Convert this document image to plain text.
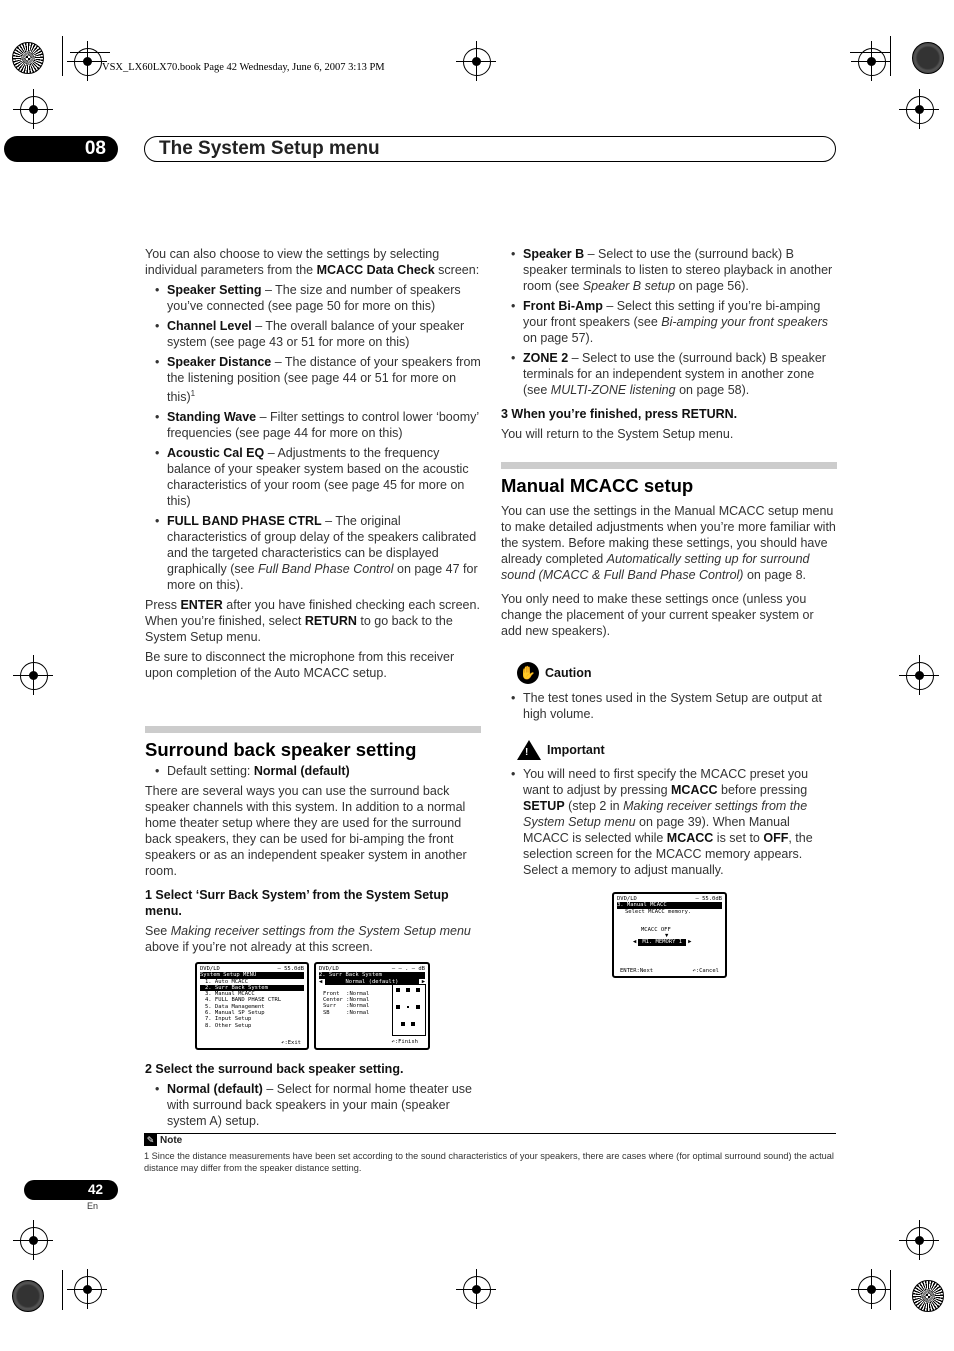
VSX_LX60LX70.book Page 42 Wednesday, June 6, 2007 3:13 PM
08	The System Setup menu

You can also choose to view the settings by selecting individual parameters from the MCACC Data Check screen:

• Speaker Setting – The size and number of speakers you’ve connected (see page 50 for more on this)
• Channel Level – The overall balance of your speaker system (see page 43 or 51 for more on this)
• Speaker Distance – The distance of your speakers from the listening position (see page 44 or 51 for more on this)$^1$
• Standing Wave – Filter settings to control lower ‘boomy’ frequencies (see page 44 for more on this)
• Acoustic Cal EQ – Adjustments to the frequency balance of your speaker system based on the acoustic characteristics of your room (see page 45 for more on this)
• FULL BAND PHASE CTRL – The original characteristics of group delay of the speakers calibrated and the targeted characteristics can be displayed graphically (see Full Band Phase Control on page 47 for more on this).

Press ENTER after you have finished checking each screen. When you’re finished, select RETURN to go back to the System Setup menu.

Be sure to disconnect the microphone from this receiver upon completion of the Auto MCACC setup.

Surround back speaker setting
• Default setting: Normal (default)

There are several ways you can use the surround back speaker channels with this system. In addition to a normal home theater setup where they are used for the surround back speakers, they can be used for bi-amping the front speakers or as an independent speaker system in another room.

1 Select ‘Surr Back System’ from the System Setup menu.

See Making receiver settings from the System Setup menu above if you’re not already at this screen.

DVD/LD	– 55.0dB
System Setup MENU
1. Auto MCACC
2. Surr Back System
3. Manual MCACC
4. FULL BAND PHASE CTRL
5. Data Management
6. Manual SP Setup
7. Input Setup
8. Other Setup
↶:Exit
DVD/LD	– – . – dB
2. Surr Back System
◀	Normal (default)	▶
Front  :Normal
Center :Normal
Surr   :Normal
SB     :Normal
↶:Finish

2 Select the surround back speaker setting.

• Normal (default) – Select for normal home theater use with surround back speakers in your main (speaker system A) setup.
• Speaker B – Select to use the (surround back) B speaker terminals to listen to stereo playback in another room (see Speaker B setup on page 56).
• Front Bi-Amp – Select this setting if you’re bi-amping your front speakers (see Bi-amping your front speakers on page 57).
• ZONE 2 – Select to use the (surround back) B speaker terminals for an independent system in another zone (see MULTI-ZONE listening on page 58).

3 When you’re finished, press RETURN.

You will return to the System Setup menu.

Manual MCACC setup

You can use the settings in the Manual MCACC setup menu to make detailed adjustments when you’re more familiar with the system. Before making these settings, you should have already completed Automatically setting up for surround sound (MCACC & Full Band Phase Control) on page 8.

You only need to make these settings once (unless you change the placement of your current speaker system or add new speakers).

✋ Caution
• The test tones used in the System Setup are output at high volume.
! Important
• You will need to first specify the MCACC preset you want to adjust by pressing MCACC before pressing SETUP (step 2 in Making receiver settings from the System Setup menu on page 39). When Manual MCACC is selected while MCACC is set to OFF, the selection screen for the MCACC memory appears. Select a memory to adjust manually.
DVD/LD	– 55.0dB
3. Manual MCACC
Select MCACC memory.
MCACC OFF
▼
◀	M1. MEMORY 1	▶
ENTER:Next	↶:Cancel
✎ Note
1 Since the distance measurements have been set according to the sound characteristics of your speakers, there are cases where (for optimal surround sound) the actual distance may differ from the speaker distance setting.
42
En
